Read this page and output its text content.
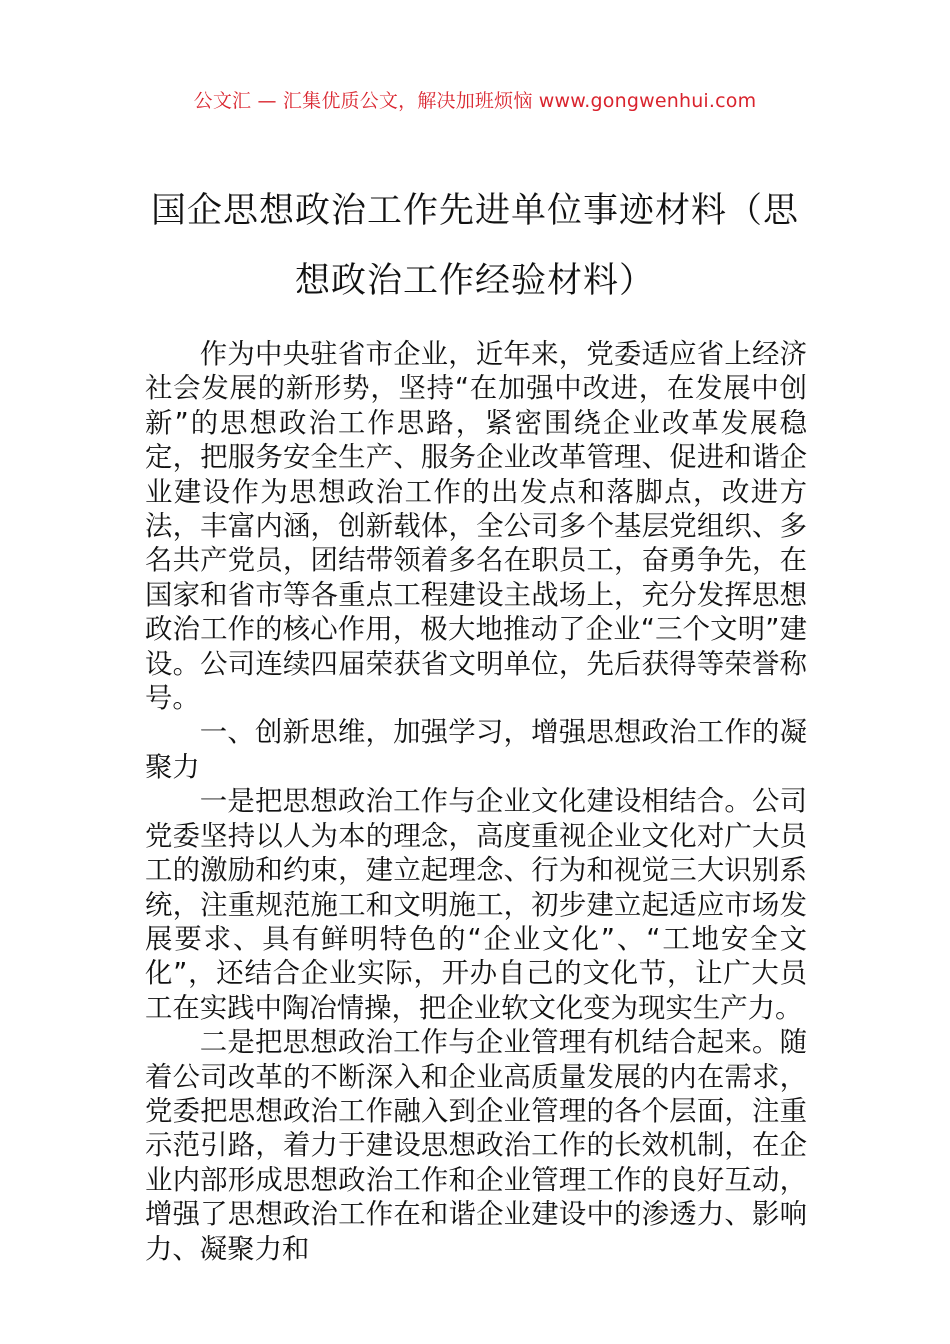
公文汇 — 汇集优质公文，解决加班烦恼 www.gongwenhui.com
国企思想政治工作先进单位事迹材料（思
想政治工作经验材料）

作为中央驻省市企业，近年来，党委适应省上经济社会发展的新形势，坚持“在加强中改进，在发展中创新”的思想政治工作思路，紧密围绕企业改革发展稳定，把服务安全生产、服务企业改革管理、促进和谐企业建设作为思想政治工作的出发点和落脚点，改进方法，丰富内涵，创新载体，全公司多个基层党组织、多名共产党员，团结带领着多名在职员工，奋勇争先，在国家和省市等各重点工程建设主战场上，充分发挥思想政治工作的核心作用，极大地推动了企业“三个文明”建设。公司连续四届荣获省文明单位，先后获得等荣誉称号。

一、创新思维，加强学习，增强思想政治工作的凝聚力

一是把思想政治工作与企业文化建设相结合。公司党委坚持以人为本的理念，高度重视企业文化对广大员工的激励和约束，建立起理念、行为和视觉三大识别系统，注重规范施工和文明施工，初步建立起适应市场发展要求、具有鲜明特色的“企业文化”、“工地安全文化”，还结合企业实际，开办自己的文化节，让广大员工在实践中陶冶情操，把企业软文化变为现实生产力。

二是把思想政治工作与企业管理有机结合起来。随着公司改革的不断深入和企业高质量发展的内在需求，党委把思想政治工作融入到企业管理的各个层面，注重示范引路，着力于建设思想政治工作的长效机制，在企业内部形成思想政治工作和企业管理工作的良好互动，增强了思想政治工作在和谐企业建设中的渗透力、影响力、凝聚力和
